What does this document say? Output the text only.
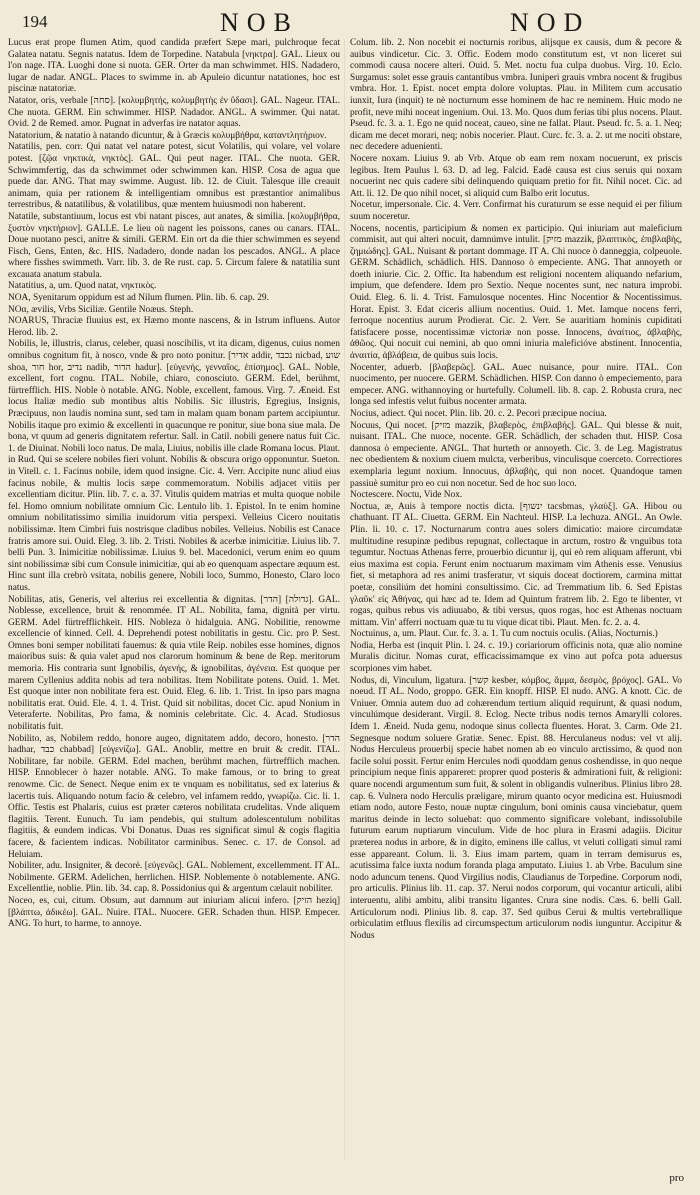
194	NOB	NOD

Lucus erat prope flumen Atim, quod candida præfert Sæpe mari, pulchroque fecat Galatea natatu. Segnis natatus. Idem de Torpedine. Natabula [νηκτρα]. GAL. Lieux ou l'on nage. ITA. Luoghi done si nuota. GER. Orter da man schwimmet. HIS. Nadadero, lugar de nadar. ANGL. Places to swimme in. ab Apuleio dicuntur natationes, hoc est piscinæ natatoriæ.

Natator, oris, verbale [סחה]. [κολυμβητής, κολυμβητὴς ἐν ὕδασι]. GAL. Nageur. ITAL. Che nuota. GERM. Ein schwimmer. HISP. Nadador. ANGL. A swimmer. Qui natat. Ovid. 2 de Remed. amor. Pugnat in adverfas ire natator aquas.

Natatorium, & natatio à natando dicuntur, & à Græcis κολυμβήθρα, καταντλητήριον.

Natatilis, pen. corr. Qui natat vel natare potest, sicut Volatilis, qui volare, vel volare potest. [ζῷα νηκτικὰ, νηκτὸς]. GAL. Qui peut nager. ITAL. Che nuota. GER. Schwimmfertig, das da schwimmet oder schwimmen kan. HISP. Cosa de agua que puede dar. ANG. That may swimme. August. lib. 12. de Ciuit. Talesque ille creauit animam, quia per rationem & intelligentiam omnibus est præstantior animalibus terrestribus, & natatilibus, & volatilibus, quæ mentem huiusmodi non haberent.

Natatile, substantiuum, locus est vbi natant pisces, aut anates, & similia. [κολυμβήθρα, ξυστὸν νηκτήριον]. GALLE. Le lieu où nagent les poissons, canes ou canars. ITAL. Doue nuotano pesci, anitre & simili. GERM. Ein ort da die thier schwimmen es seyend Fisch, Gens, Enten, &c. HIS. Nadadero, donde nadan los pescados. ANGL. A place where fisshes swimmeth. Varr. lib. 3. de Re rust. cap. 5. Circum falere & natatilia sunt excauata anatum stabula.

Natatitius, a, um. Quod natat, νηκτικὸς.

NOA, Syenitarum oppidum est ad Nilum flumen. Plin. lib. 6. cap. 29.

NOα, ævilis, Vrbs Siciliæ. Gentile Noæus. Steph.

NOARUS, Thraciæ fluuius est, ex Hæmo monte nascens, & in Istrum influens. Autor Herod. lib. 2.

Nobilis, le, illustris, clarus, celeber, quasi noscibilis, vt ita dicam, digenus, cuius nomen omnibus cognitum fit, à nosco, vnde & pro noto ponitur. [אדיר addir, נכבד nicbad, שוע shoa, חור hor, נדיב nadib, הדור hadur]. [εὐγενής, γενναῖος, ἐπίσημος]. GAL. Noble, excellent, fort cognu. ITAL. Nobile, chiaro, conosciuto. GERM. Edel, berühmt, fürtrefflich. HIS. Noble ò notable. ANG. Noble, excellent, famous. Virg. 7. Æneid. Est locus Italiæ medio sub montibus altis Nobilis. Sic illustris, Egregius, Insignis, Præcipuus, non laudis nomina sunt, sed tam in malam quam bonam partem accipiuntur. Nobilis itaque pro eximio & excellenti in quacunque re ponitur, siue bona siue mala. De bona, vt quum ad generis dignitatem refertur. Sall. in Catil. nobili genere natus fuit Cic. 1. de Diuinat. Nobili loco natus. De mala, Liuius, nobilis ille clade Romana locus. Plaut. in Rud. Qui se scelere nobiles fieri volunt. Nobilis & obscura origo opponuntur. Sueton. in Vitell. c. 1. Facinus nobile, idem quod insigne. Cic. 4. Verr. Accipite nunc aliud eius facinus nobile, & multis locis sæpe commemoratum. Nobilis adjacet vitiis per excellentiam dicitur. Plin. lib. 7. c. a. 37. Vitulis quidem matrias et multa quoque nobile fel. Homo omnium nobilitate omnium Cic. Lentulo lib. 1. Epistol. In te enim homine omnium nobilitatissimo similia inuidorum vitia perspexi. Velleius Cicero nouitatis nobilissimæ. Item Cimbri fuis nostrisque cladibus nobiles. Velleius. Nobilis est Canace fratris amore sui. Ouid. Eleg. 3. lib. 2. Tristi. Nobiles & acerbæ inimicitiæ. Liuius lib. 7. belli Pun. 3. Inimicitiæ nobilissimæ. Liuius 9. bel. Macedonici, verum enim eo quum sint nobilissimæ sibi cum Consule inimicitiæ, qui ab eo quenquam aspectare æquum est. Hinc sunt illa crebrò vsitata, nobilis genere, Nobili loco, Summo, Honesto, Claro loco natus.

Nobilitas, atis, Generis, vel alterius rei excellentia & dignitas. [הדר] [גדולה]. GAL. Noblesse, excellence, bruit & renommée. IT AL. Nobilita, fama, dignità per virtu. GERM. Adel fürtrefflichkeit. HIS. Nobleza ò hidalguia. ANG. Nobilitie, renowme excellencie of kinned. Cell. 4. Deprehendi potest nobilitatis in gestu. Cic. pro P. Sest. Omnes boni semper nobilitati fauemus: & quia vtile Reip. nobiles esse homines, dignos maioribus suis: & quia valet apud nos clarorum hominum & bene de Rep. meritorum memoria. His contraria sunt Ignobilis, ἀγενής, & ignobilitas, ἀγένεια. Est quoque per marem Cyllenius addita nobis ad tera nobilitas. Item Nobilitate potens. Ouid. 1. Met. Est quoque inter non nobilitate fera est. Ouid. Eleg. 6. lib. 1. Trist. In ipso pars magna nobilitatis erat. Ouid. Ele. 4. 1. 4. Trist. Quid sit nobilitas, docet Cic. apud Nonium in Veteraferte. Nobilitas, Pro fama, & nominis celebritate. Cic. 4. Acad. Studiosus nobilitatis fuit.

Nobilito, as, Nobilem reddo, honore augeo, dignitatem addo, decoro, honesto. [הדר hadhar, כבד chabbad] [εὐγενίζω]. GAL. Anoblir, mettre en bruit & credit. ITAL. Nobilitare, far nobile. GERM. Edel machen, berühmt machen, fürtrefflich machen. HISP. Ennoblecer ò hazer notable. ANG. To make famous, or to bring to great renowme. Cic. de Senect. Neque enim ex te vnquam es nobilitatus, sed ex laterius & lacertis tuis. Aliquando notum facio & celebro, vel infamem reddo, γνωρίζω. Cic. li. 1. Offic. Testis est Phalaris, cuius est præter cæteros nobilitata crudelitas. Vnde aliquem flagitiis. Terent. Eunuch. Tu iam pendebis, qui stultum adolescentulum nobilitas flagitiis, & eundem indicas. Vbi Donatus. Duas res significat simul & cogis flagitia facere, & facientem indicas. Nobilitator carminibus. Senec. c. 17. de Consol. ad Heluiam.

Nobiliter, adu. Insigniter, & decorè. [εὐγενῶς]. GAL. Noblement, excellemment. IT AL. Nobilmente. GERM. Adelichen, herrlichen. HISP. Noblemente ò notablemente. ANG. Excellentlie, noblie. Plin. lib. 34. cap. 8. Possidonius qui & argentum cælauit nobiliter.

Noceo, es, cui, citum. Obsum, aut damnum aut iniuriam alicui infero. [הזיק heziq] [βλάπτω, ἀδικέω]. GAL. Nuire. ITAL. Nuocere. GER. Schaden thun. HISP. Empecer. ANG. To hurt, to harme, to annoye.

Colum. lib. 2. Non nocebit ei nocturnis roribus, alijsque ex causis, dum & pecore & auibus vindicetur. Cic. 3. Offic. Eodem modo constitutum est, vt non liceret sui commodi causa nocere alteri. Ouid. 5. Met. noctu fua culpa duobus. Virg. 10. Eclo. Surgamus: solet esse grauis cantantibus vmbra. Iuniperi grauis vmbra nocent & frugibus vmbra. Hor. 1. Epist. nocet empta dolore voluptas. Plau. in Militem cum accusatio iunxit, Iura (inquit) te nè nocturnum esse hominem de hac re neminem. Huic modo ne profit, neve mihi noceat ingenium. Oui. 13. Mo. Quos dum ferias tibi plus nocens. Plaut. Pseud. fc. 3. a. 1. Ego ne quid noceat, caueo, sine ne fallat. Plaut. Pseud. fc. 5. a. 1. Neq; dicam me decet morari, neq; nobis nocerier. Plaut. Curc. fc. 3. a. 2. ut me nociti obstare, nec decedere aduenienti.

Nocere noxam. Liuius 9. ab Vrb. Atque ob eam rem noxam nocuerunt, ex priscis legibus. Item Paulus l. 63. D. ad leg. Falcid. Eadè causa est cius seruis qui noxam nocuerint nec quis cadere sibi delinquendo quiquam pretio for fit. Nihil nocet. Cic. ad Att. li. 12. De quo nihil nocet, si aliquid cum Balbo erit locutus.

Nocetur, impersonale. Cic. 4. Verr. Confirmat his curaturum se esse nequid ei per filium suum noceretur.

Nocens, nocentis, participium & nomen ex participio. Qui iniuriam aut maleficium commisit, aut qui alteri nocuit, damnúmve intulit. [מזיק mazzik, βλαπτικὸς, ἐπιβλαβὴς, ζημιώδης]. GAL. Nuisant & portant dommage. IT A. Chi nuoce ò danneggia, colpeuole. GERM. Schädlich, schädlich. HIS. Dannoso ò empeciente. ANG. That annoyeth or doeth iniurie. Cic. 2. Offic. Ita habendum est religioni nocentem aliquando nefarium, impium, que defendere. Idem pro Sextio. Neque nocentes sunt, nec natura improbi. Ouid. Eleg. 6. li. 4. Trist. Famulosque nocentes. Hinc Nocentior & Nocentissimus. Horat. Epist. 3. Edat ciceris allium nocentius. Ouid. 1. Met. Iamque nocens ferri, ferroque nocentius aurum Prodierat. Cic. 2. Verr. Se auaritiam hominis cupiditati fatisfacere posse, nocentissimæ victoriæ non posse. Innocens, ἀναίτιος, ἀβλαβὴς, ἀθῶος. Qui nocuit cui nemini, ab quo omni iniuria maleficióve abstinent. Innocentia, ἀναιτία, ἀβλάβεια, de quibus suis locis.

Nocenter, aduerb. [βλαβερῶς]. GAL. Auec nuisance, pour nuire. ITAL. Con nuocimento, per nuocere. GERM. Schädlichen. HISP. Con danno ò empeciemento, para empecer. ANG. withannoying or hurtefully. Columell. lib. 8. cap. 2. Robusta crura, nec longa sed infestis velut fuibus nocenter armata.

Nocius, adiect. Qui nocet. Plin. lib. 20. c. 2. Pecori præcipue nociua.

Nocuus, Qui nocet. [מזיק mazzik, βλαβερὸς, ἐπιβλαβής]. GAL. Qui blesse & nuit, nuisant. ITAL. Che nuoce, nocente. GER. Schädlich, der schaden thut. HISP. Cosa dannosa ò empeciente. ANGL. That hurteth or annoyeth. Cic. 3. de Leg. Magistratus nec obedientem & noxium ciuem mulcta, verberibus, vinculisque coerceto. Correctiores exemplaria legunt noxium. Innocuus, ἀβλαβὴς, qui non nocet. Quandoque tamen passiuè sumitur pro eo cui non nocetur. Sed de hoc suo loco.

Noctescere. Noctu, Vide Nox.

Noctua, æ, Auis à tempore noctis dicta. [ינשוף tacsbmas, γλαὺξ]. GA. Hibou ou chathuant. IT AL. Ciuetta. GERM. Ein Nachteul. HISP. La lechuza. ANGL. An Owle. Plin. li. 10. c. 17. Nocturnarum contra aues solers dimicatio: maiore circumdatæ multitudine resupinæ pedibus repugnat, collectaque in arctum, rostro & vnguibus tota tegumtur. Noctuas Athenas ferre, prouerbio dicuntur ij, qui eò rem aliquam afferunt, vbi eius maxima est copia. Ferunt enim noctuarum maximam vim Athenis esse. Venusius fiet, si metaphora ad res animi trasferatur, vt siquis doceat doctiorem, carmina mittat poetæ, consiliúm det homini consultissimo. Cic. ad Tremmatium lib. 6. Sed Epistas γλαῦκ' εἰς Ἀθήνας, qui hæc ad te. Idem ad Quintum fratrem lib. 2. Ego te libenter, vt rogas, quibus rebus vis adiuuabo, & tibi versus, quos rogas, hoc est Athenas noctuam mittam. Vin' afferri noctuam quæ tu tu vique dicat tibi. Plaut. Men. fc. 2. a. 4.

Noctuinus, a, um. Plaut. Cur. fc. 3. a. 1. Tu cum noctuis oculis. (Alias, Nocturnis.)

Nodia, Herba est (inquit Plin. l. 24. c. 19.) coriariorum officinis nota, quæ alio nomine Muralis dicitur. Nomas curat, efficacissimamque ex vino aut pofca pota aduersus scorpiones vim habet.

Nodus, di, Vinculum, ligatura. [קשר kesber, κόμβος, ἅμμα, δεσμὸς, βρόχος]. GAL. Vo noeud. IT AL. Nodo, groppo. GER. Ein knopff. HISP. El nudo. ANG. A knott. Cic. de Vniuer. Omnia autem duo ad cohærendum tertium aliquid requirunt, & quasi nodum, vinculúmque desiderant. Virgil. 8. Eclog. Necte tribus nodis ternos Amarylli colores. Idem 1. Æneid. Nuda genu, nodoque sinus collecta fluentes. Horat. 3. Carm. Ode 21. Segnesque nodum soluere Gratiæ. Senec. Epist. 88. Herculaneus nodus: vel vt alij. Nodus Herculeus prouerbij specie habet nomen ab eo vinculo arctissimo, & quod non facile solui possit. Fertur enim Hercules nodi quoddam genus coshendisse, in quo neque principium neque finis appareret: proprer quod posteris & admirationi fuit, & religioni: quare nocendi argumentum sum fuit, & solent in obligandis vulneribus. Plinius libro 28. cap. 6. Vulnera nodo Herculis præligare, mirum quanto ocyor medicina est. Huiusmodi etiam nodo, autore Festo, nouæ nuptæ cingulum, boni ominis causa vinciebatur, quem maritus deinde in lecto soluebat: quo commento significare volebant, indissolubile futurum earum nuptiarum vinculum. Vide de hoc plura in Erasmi adagiis. Dicitur præterea nodus in arbore, & in digito, eminens ille callus, vt veluti colligati simul rami esse appareant. Colum. li. 3. Eius imam partem, quam in terram demisurus es, acutissima falce iuxta nodum foranda plaga amputato. Liuius 1. ab Vrbe. Baculum sine nodo aduncum tenens. Quod Virgilius nodis, Claudianus de Torpedine. Corporum nodi, pro articulis. Plinius lib. 11. cap. 37. Nerui nodos corporum, qui vocantur articuli, alibi interuentu, alibi ambitu, alibi transitu ligantes. Crura sine nodis. Cæs. 6. belli Gall. Articulorum nodi. Plinius lib. 8. cap. 37. Sed quibus Cerui & multis vertebrallique orbiculatim etfluus flexilis ad circumspectum articulorum nodis iunguntur. Accipitur & Nodus

pro
